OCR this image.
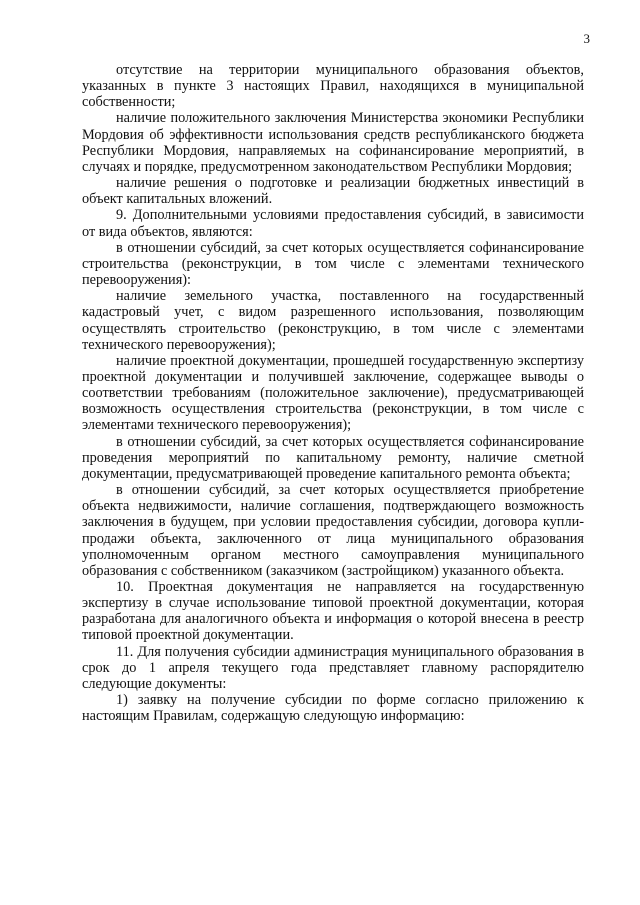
3

отсутствие на территории муниципального образования объектов, указанных в пункте 3 настоящих Правил, находящихся в муниципальной собственности;

наличие положительного заключения Министерства экономики Республики Мордовия об эффективности использования средств республиканского бюджета Республики Мордовия, направляемых на софинансирование мероприятий, в случаях и порядке, предусмотренном законодательством Республики Мордовия;

наличие решения о подготовке и реализации бюджетных инвестиций в объект капитальных вложений.

9. Дополнительными условиями предоставления субсидий, в зависимости от вида объектов, являются:

в отношении субсидий, за счет которых осуществляется софинансирование строительства (реконструкции, в том числе с элементами технического перевооружения):

наличие земельного участка, поставленного на государственный кадастровый учет, с видом разрешенного использования, позволяющим осуществлять строительство (реконструкцию, в том числе с элементами технического перевооружения);

наличие проектной документации, прошедшей государственную экспертизу проектной документации и получившей заключение, содержащее выводы о соответствии требованиям (положительное заключение), предусматривающей возможность осуществления строительства (реконструкции, в том числе с элементами технического перевооружения);

в отношении субсидий, за счет которых осуществляется софинансирование проведения мероприятий по капитальному ремонту, наличие сметной документации, предусматривающей проведение капитального ремонта объекта;

в отношении субсидий, за счет которых осуществляется приобретение объекта недвижимости, наличие соглашения, подтверждающего возможность заключения в будущем, при условии предоставления субсидии, договора купли-продажи объекта, заключенного от лица муниципального образования уполномоченным органом местного самоуправления муниципального образования с собственником (заказчиком (застройщиком) указанного объекта.

10. Проектная документация не направляется на государственную экспертизу в случае использование типовой проектной документации, которая разработана для аналогичного объекта и информация о которой внесена в реестр типовой проектной документации.

11. Для получения субсидии администрация муниципального образования в срок до 1 апреля текущего года представляет главному распорядителю следующие документы:

1) заявку на получение субсидии по форме согласно приложению к настоящим Правилам, содержащую следующую информацию:
